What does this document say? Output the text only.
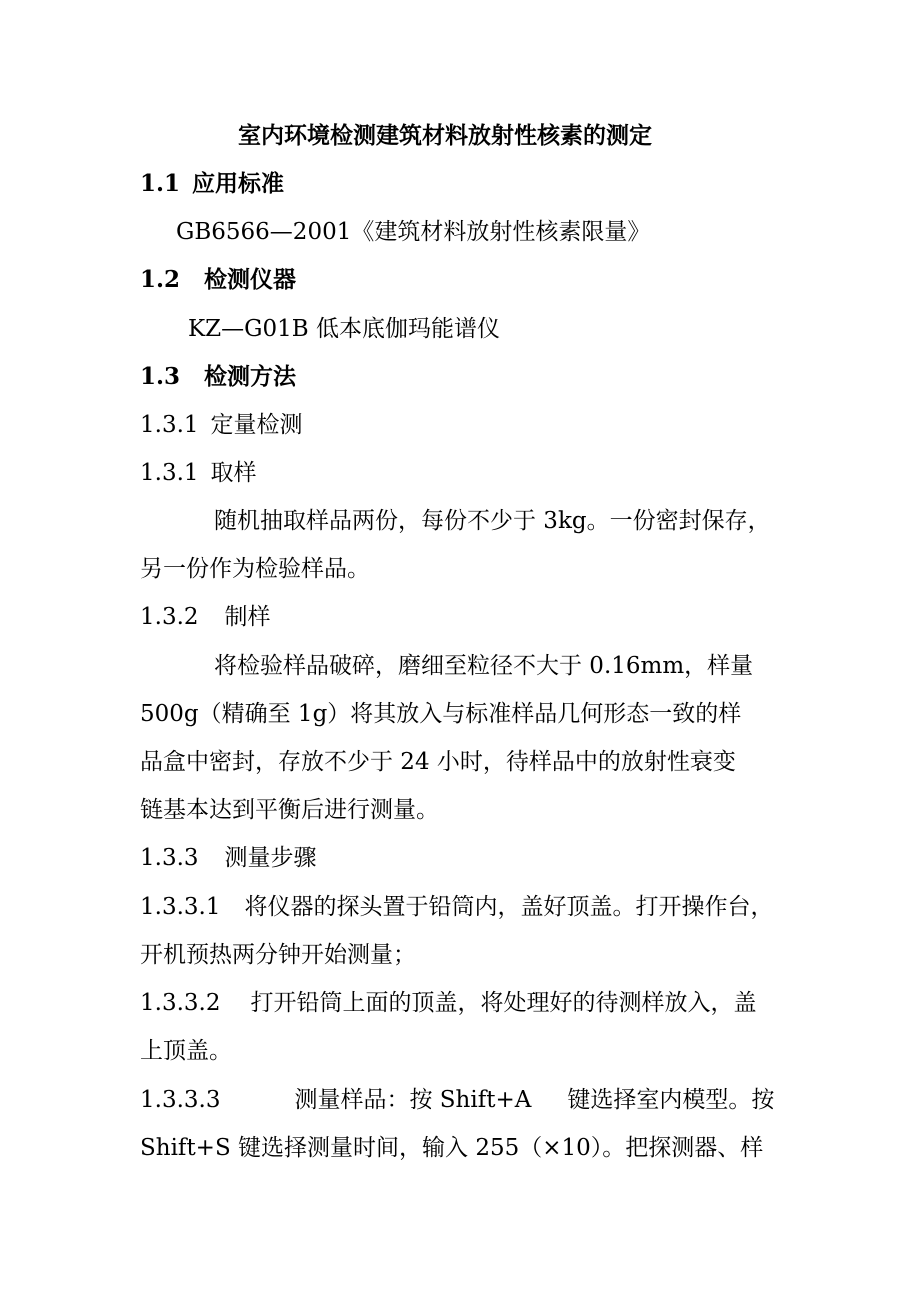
室内环境检测建筑材料放射性核素的测定
1.1 应用标准
GB6566—2001《建筑材料放射性核素限量》
1.2 检测仪器
KZ—G01B 低本底伽玛能谱仪
1.3 检测方法
1.3.1 定量检测
1.3.1 取样
随机抽取样品两份，每份不少于 3kg。一份密封保存，
另一份作为检验样品。
1.3.2 制样
将检验样品破碎，磨细至粒径不大于 0.16mm，样量
500g（精确至 1g）将其放入与标准样品几何形态一致的样
品盒中密封，存放不少于 24 小时，待样品中的放射性衰变
链基本达到平衡后进行测量。
1.3.3 测量步骤
1.3.3.1 将仪器的探头置于铅筒内，盖好顶盖。打开操作台，
开机预热两分钟开始测量；
1.3.3.2 打开铅筒上面的顶盖，将处理好的待测样放入，盖
上顶盖。
1.3.3.3	测量样品：按 Shift+A 键选择室内模型。按
Shift+S 键选择测量时间，输入 255（×10）。把探测器、样
